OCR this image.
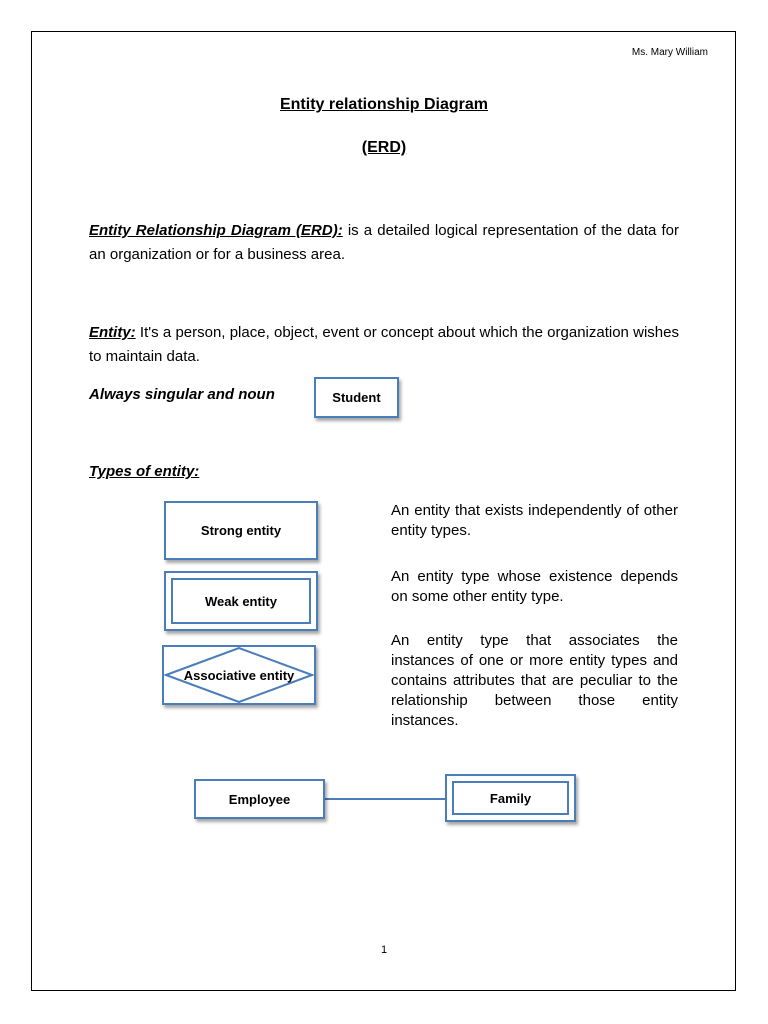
Ms. Mary William
Entity relationship Diagram
(ERD)
Entity Relationship Diagram (ERD): is a detailed logical representation of the data for an organization or for a business area.
Entity: It's a person, place, object, event or concept about which the organization wishes to maintain data.
Always singular and noun	Student
Types of entity:
Strong entity
Weak entity
Associative entity
An entity that exists independently of other entity types.
An entity type whose existence depends on some other entity type.
An entity type that associates the instances of one or more entity types and contains attributes that are peculiar to the relationship between those entity instances.
Employee	Family
1
